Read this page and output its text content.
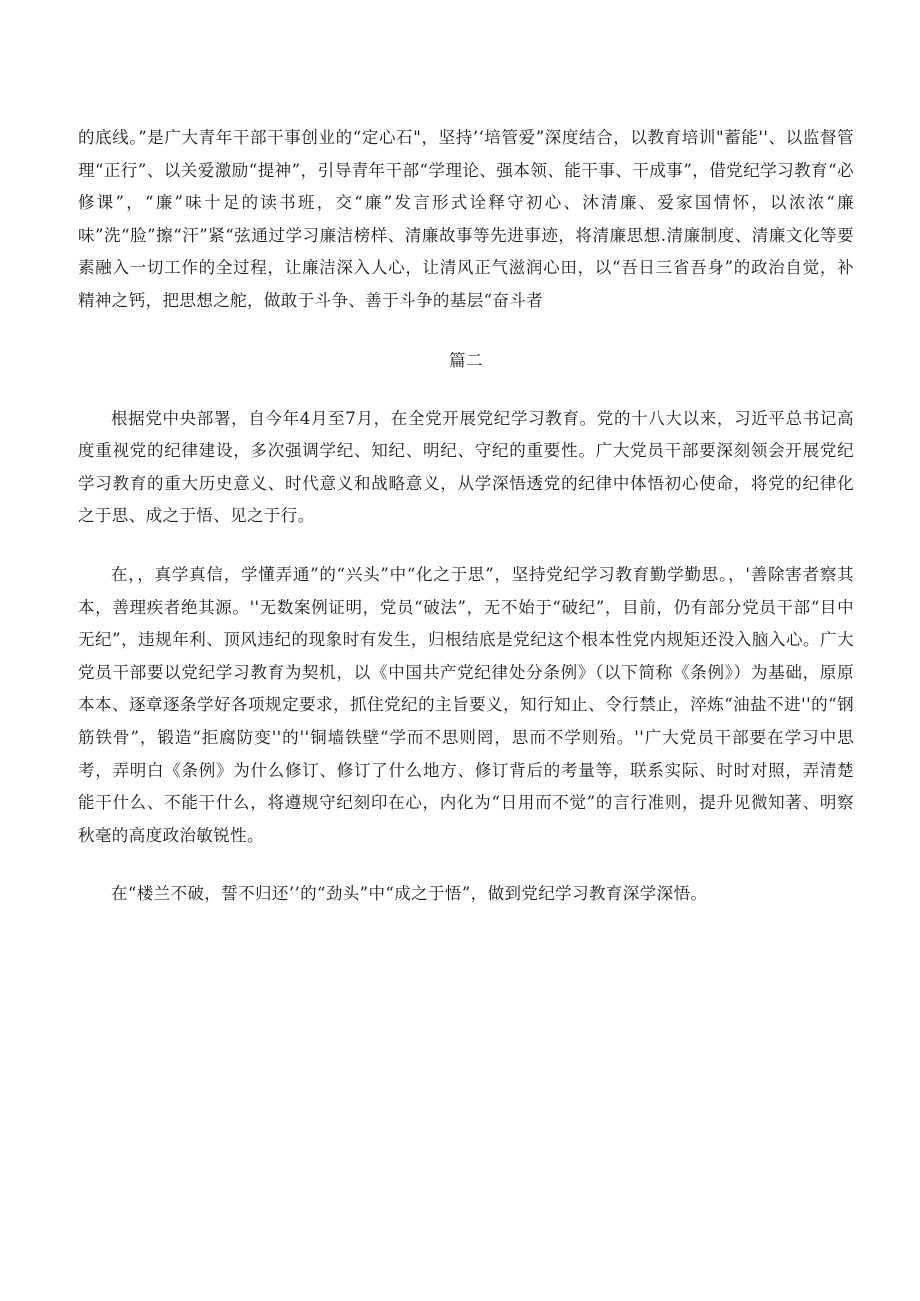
的底线。”是广大青年干部干事创业的“定心石"，坚持’‘培管爱”深度结合，以教育培训"蓄能''、以监督管理“正行”、以关爱激励“提神”，引导青年干部“学理论、强本领、能干事、干成事”，借党纪学习教育“必修课”，“廉”味十足的读书班，交“廉”发言形式诠释守初心、沐清廉、爱家国情怀，以浓浓“廉味”洗“脸”擦“汗”紧“弦通过学习廉洁榜样、清廉故事等先进事迹，将清廉思想.清廉制度、清廉文化等要素融入一切工作的全过程，让廉洁深入人心，让清风正气滋润心田，以“吾日三省吾身”的政治自觉，补精神之钙，把思想之舵，做敢于斗争、善于斗争的基层“奋斗者

篇二

根据党中央部署，自今年4月至7月，在全党开展党纪学习教育。党的十八大以来，习近平总书记高度重视党的纪律建设，多次强调学纪、知纪、明纪、守纪的重要性。广大党员干部要深刻领会开展党纪学习教育的重大历史意义、时代意义和战略意义，从学深悟透党的纪律中体悟初心使命，将党的纪律化之于思、成之于悟、见之于行。

在，，真学真信，学懂弄通”的“兴头”中“化之于思”，坚持党纪学习教育勤学勤思。，'善除害者察其本，善理疾者绝其源。''无数案例证明，党员“破法”，无不始于“破纪”，目前，仍有部分党员干部“目中无纪”，违规年利、顶风违纪的现象时有发生，归根结底是党纪这个根本性党内规矩还没入脑入心。广大党员干部要以党纪学习教育为契机，以《中国共产党纪律处分条例》（以下简称《条例》）为基础，原原本本、逐章逐条学好各项规定要求，抓住党纪的主旨要义，知行知止、令行禁止，淬炼“油盐不进''的“钢筋铁骨”，锻造“拒腐防变''的''铜墙铁壁“学而不思则罔，思而不学则殆。''广大党员干部要在学习中思考，弄明白《条例》为什么修订、修订了什么地方、修订背后的考量等，联系实际、时时对照，弄清楚能干什么、不能干什么，将遵规守纪刻印在心，内化为“日用而不觉”的言行准则，提升见微知著、明察秋毫的高度政治敏锐性。

在“楼兰不破，誓不归还’’的“劲头”中“成之于悟”，做到党纪学习教育深学深悟。
